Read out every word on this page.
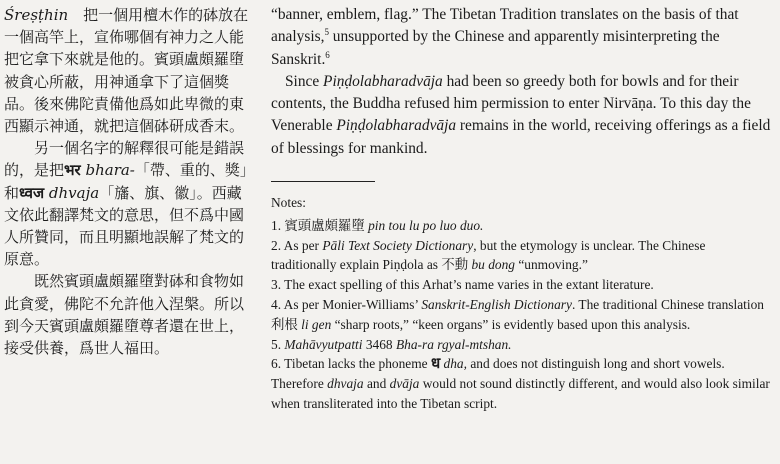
Śreṣṭhin　把一個用檀木作的砵放在一個高竿上，宣佈哪個有神力之人能把它拿下來就是他的。賓頭盧頗羅墮被貪心所蔽，用神通拿下了這個獎品。後來佛陀責備他爲如此卑微的東西顯示神通，就把這個砵研成香末。

另一個名字的解釋很可能是錯誤的，是把भर bhara-「帶、重的、獎」和ध्वज dhvaja「旛、旗、徽」。西藏文依此翻譯梵文的意思，但不爲中國人所贊同，而且明顯地誤解了梵文的原意。

既然賓頭盧頗羅墮對砵和食物如此貪愛，佛陀不允許他入涅槃。所以到今天賓頭盧頗羅墮尊者還在世上，接受供養，爲世人福田。

“banner, emblem, flag.” The Tibetan Tradition translates on the basis of that analysis,$^5$ unsupported by the Chinese and apparently misinterpreting the Sanskrit.$^6$

Since Piṇḍolabharadvāja had been so greedy both for bowls and for their contents, the Buddha refused him permission to enter Nirvāṇa. To this day the Venerable Piṇḍolabharadvāja remains in the world, receiving offerings as a field of blessings for mankind.

Notes:

1. 賓頭盧頗羅墮 pin tou lu po luo duo.
2. As per Pāli Text Society Dictionary, but the etymology is unclear. The Chinese traditionally explain Piṇḍola as 不動 bu dong “unmoving.”
3. The exact spelling of this Arhat’s name varies in the extant literature.
4. As per Monier-Williams’ Sanskrit-English Dictionary. The traditional Chinese translation 利根 li gen “sharp roots,” “keen organs” is evidently based upon this analysis.
5. Mahāvyutpatti 3468 Bha-ra rgyal-mtshan.
6. Tibetan lacks the phoneme ध dha, and does not distinguish long and short vowels. Therefore dhvaja and dvāja would not sound distinctly different, and would also look similar when transliterated into the Tibetan script.
